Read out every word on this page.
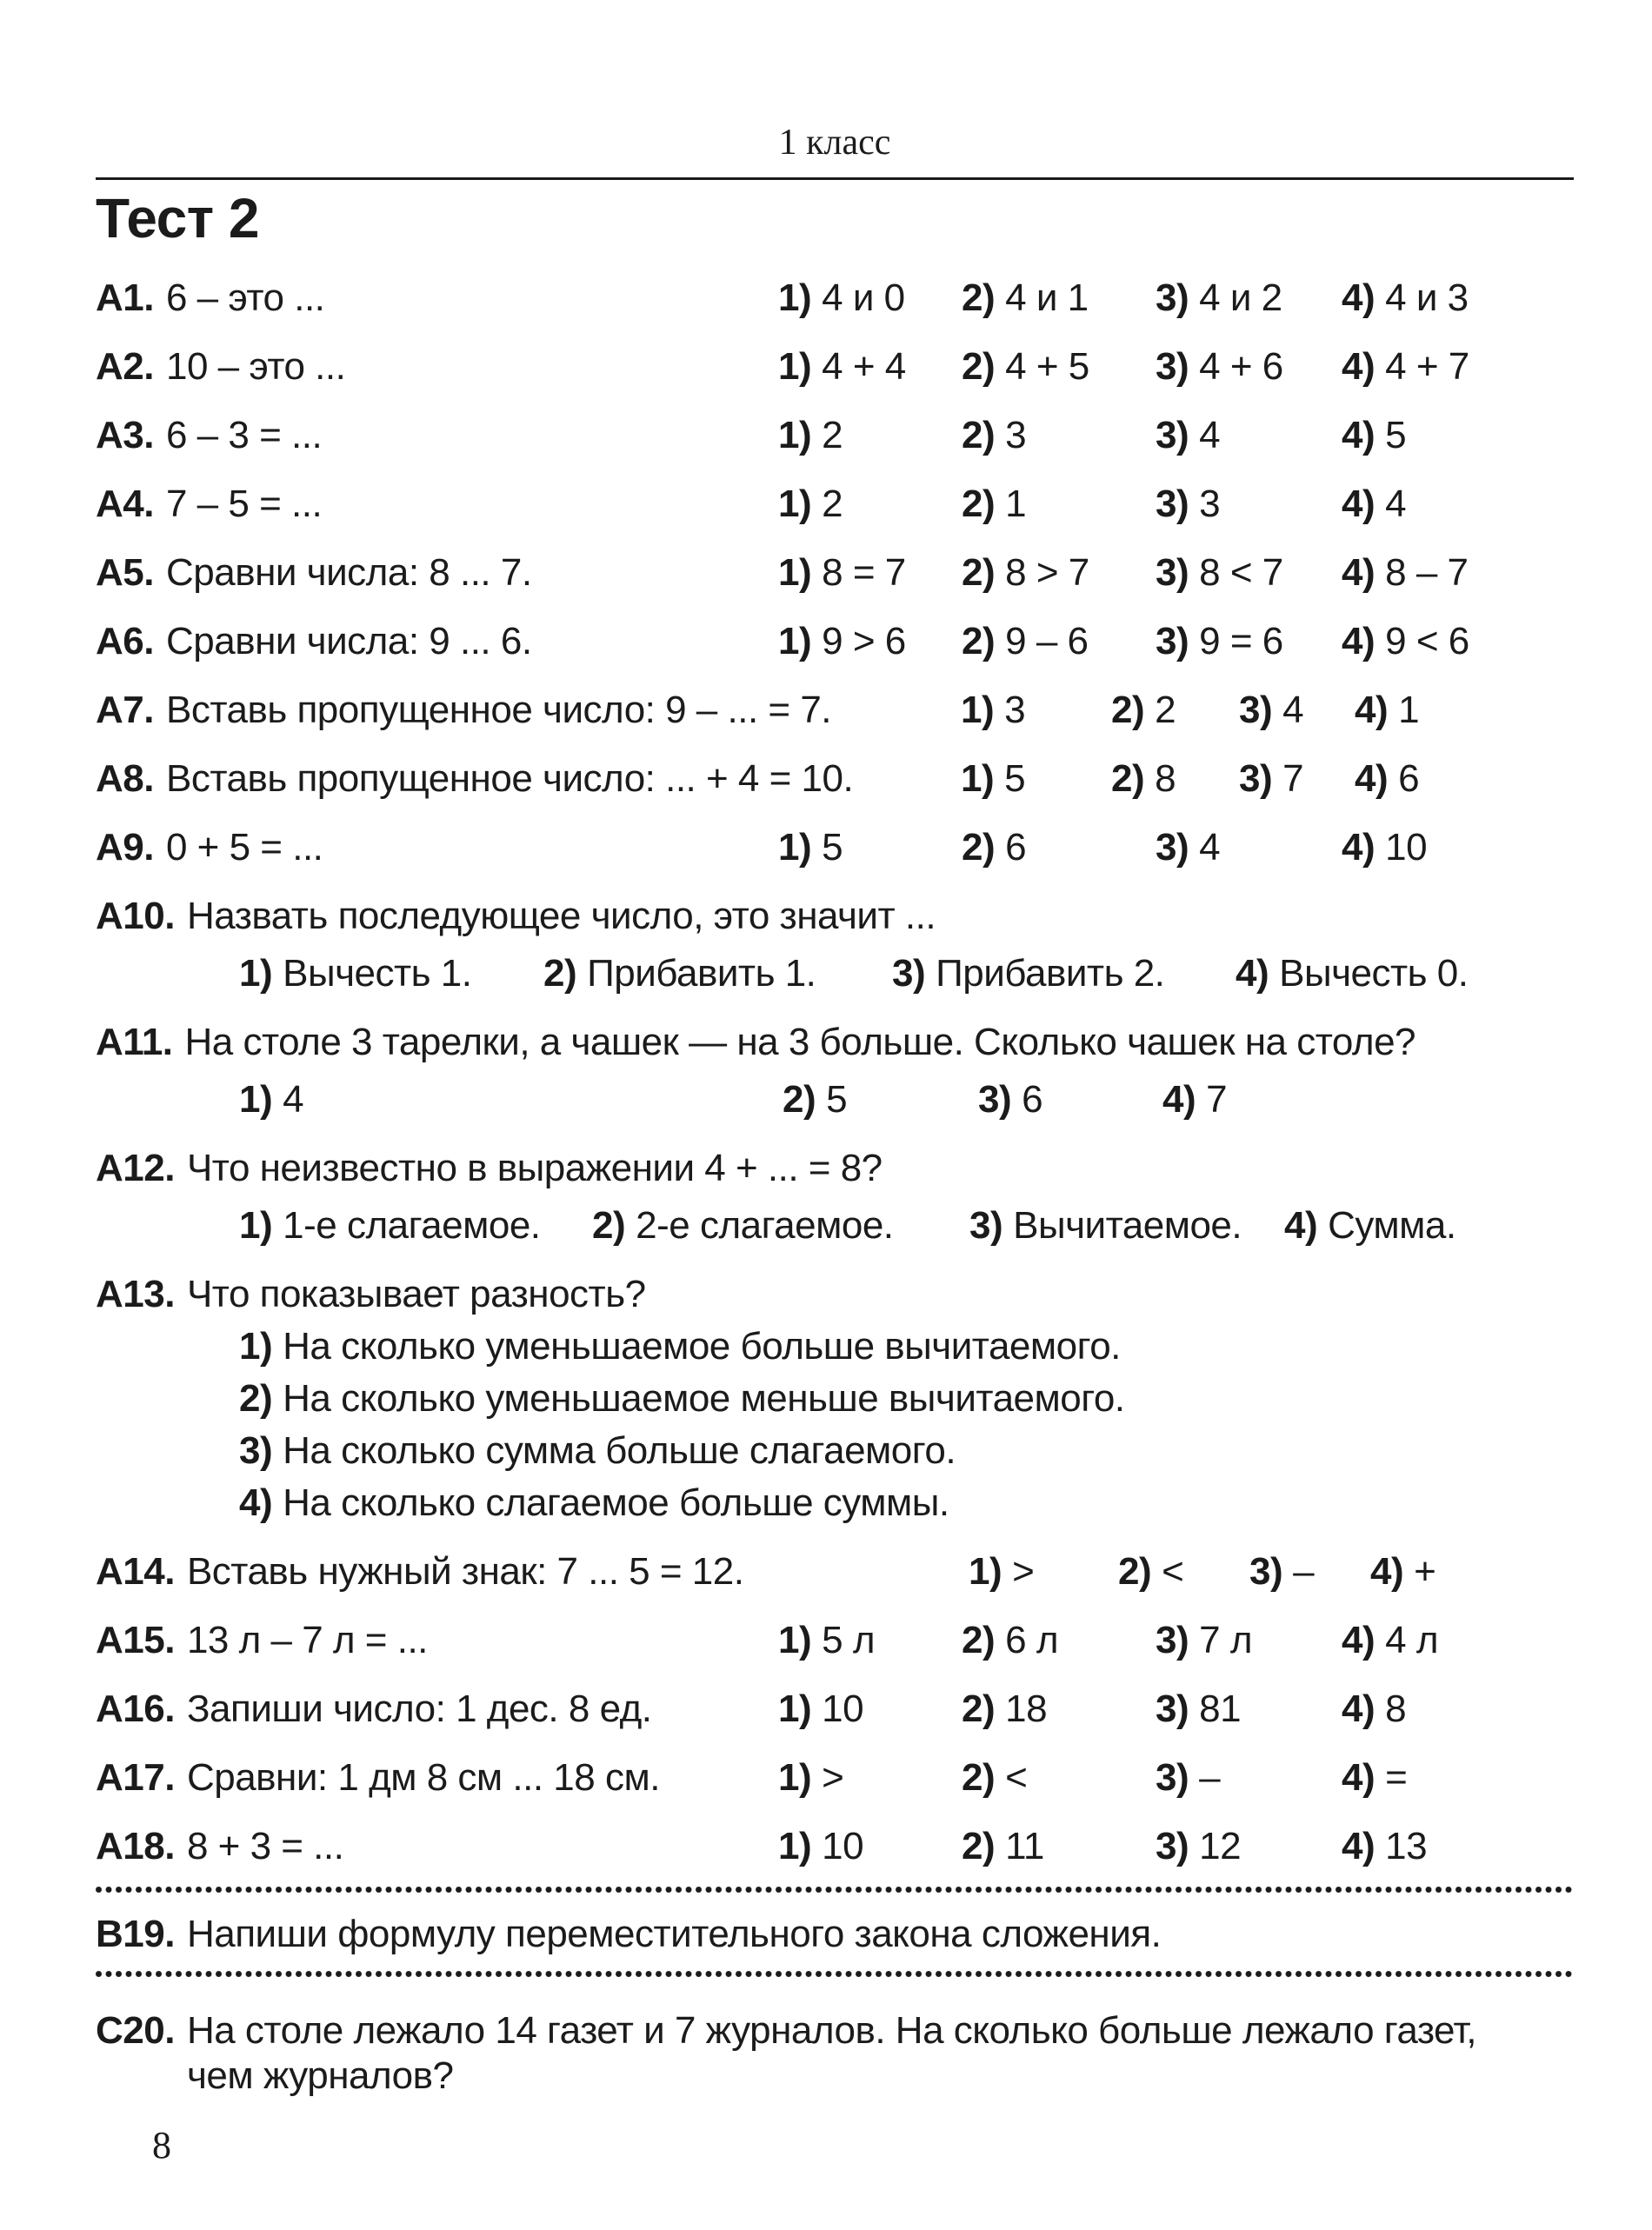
1 класс
Тест 2
А1. 6 – это ...	1) 4 и 0	2) 4 и 1	3) 4 и 2	4) 4 и 3
А2. 10 – это ...	1) 4 + 4	2) 4 + 5	3) 4 + 6	4) 4 + 7
А3. 6 – 3 = ...	1) 2	2) 3	3) 4	4) 5
А4. 7 – 5 = ...	1) 2	2) 1	3) 3	4) 4
А5. Сравни числа: 8 ... 7.	1) 8 = 7	2) 8 > 7	3) 8 < 7	4) 8 – 7
А6. Сравни числа: 9 ... 6.	1) 9 > 6	2) 9 – 6	3) 9 = 6	4) 9 < 6
А7. Вставь пропущенное число: 9 – ... = 7.	1) 3	2) 2	3) 4	4) 1
А8. Вставь пропущенное число: ... + 4 = 10.	1) 5	2) 8	3) 7	4) 6
А9. 0 + 5 = ...	1) 5	2) 6	3) 4	4) 10
А10. Назвать последующее число, это значит ...
1) Вычесть 1.	2) Прибавить 1.	3) Прибавить 2.	4) Вычесть 0.
А11. На столе 3 тарелки, а чашек — на 3 больше. Сколько чашек на столе?
1) 4	2) 5	3) 6	4) 7
А12. Что неизвестно в выражении 4 + ... = 8?
1) 1-е слагаемое.	2) 2-е слагаемое.	3) Вычитаемое.	4) Сумма.
А13. Что показывает разность?
1) На сколько уменьшаемое больше вычитаемого.
2) На сколько уменьшаемое меньше вычитаемого.
3) На сколько сумма больше слагаемого.
4) На сколько слагаемое больше суммы.
А14. Вставь нужный знак: 7 ... 5 = 12.	1) >	2) <	3) –	4) +
А15. 13 л – 7 л = ...	1) 5 л	2) 6 л	3) 7 л	4) 4 л
А16. Запиши число: 1 дес. 8 ед.	1) 10	2) 18	3) 81	4) 8
А17. Сравни: 1 дм 8 см ... 18 см.	1) >	2) <	3) –	4) =
А18. 8 + 3 = ...	1) 10	2) 11	3) 12	4) 13
В19. Напиши формулу переместительного закона сложения.
С20. На столе лежало 14 газет и 7 журналов. На сколько больше лежало газет, чем журналов?
8
